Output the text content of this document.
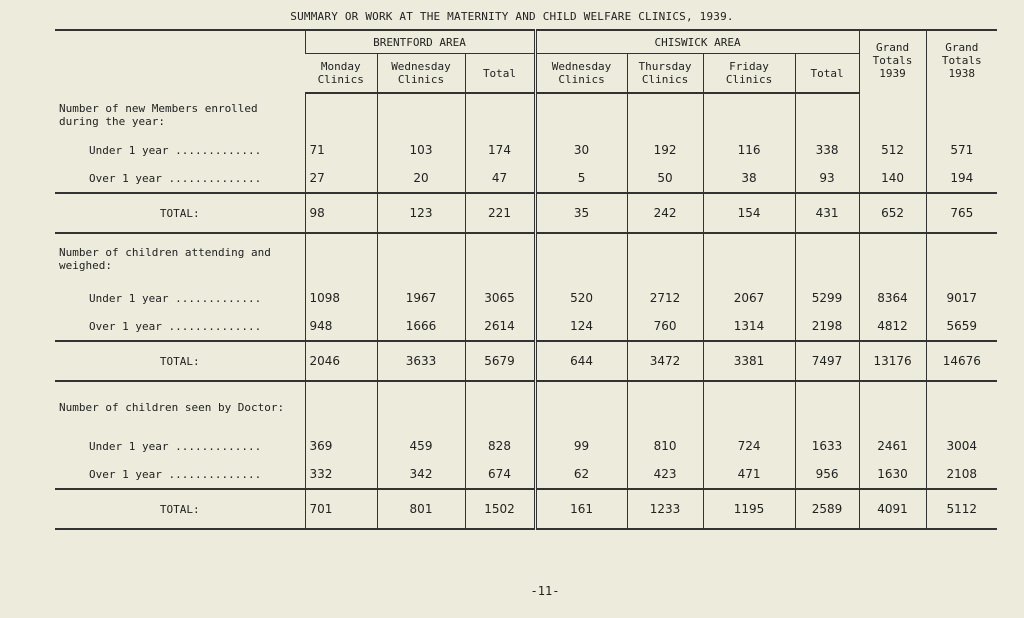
SUMMARY OR WORK AT THE MATERNITY AND CHILD WELFARE CLINICS, 1939.
	BRENTFORD AREA			CHISWICK AREA				Grand Totals 1939	Grand Totals 1938
	Monday Clinics	Wednesday Clinics	Total	Wednesday Clinics	Thursday Clinics	Friday Clinics	Total		
Number of new Members enrolled during the year:									
Under 1 year .............	71	103	174	30	192	116	338	512	571
Over 1 year ..............	27	20	47	5	50	38	93	140	194
TOTAL:	98	123	221	35	242	154	431	652	765
Number of children attending and weighed:									
Under 1 year .............	1098	1967	3065	520	2712	2067	5299	8364	9017
Over 1 year ..............	948	1666	2614	124	760	1314	2198	4812	5659
TOTAL:	2046	3633	5679	644	3472	3381	7497	13176	14676
Number of children seen by Doctor:									
Under 1 year .............	369	459	828	99	810	724	1633	2461	3004
Over 1 year ..............	332	342	674	62	423	471	956	1630	2108
TOTAL:	701	801	1502	161	1233	1195	2589	4091	5112
-11-
